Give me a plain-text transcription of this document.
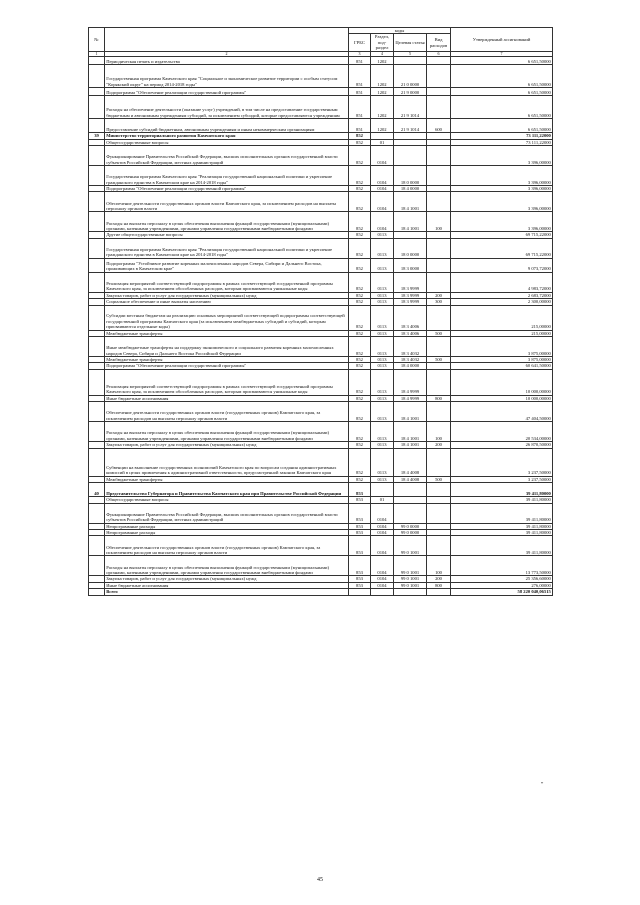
№		коды				Утвержденный ассигнований
		ГРБС	Раздел, под-раздел	Целевая статья	Вид расходов	
1	2	3	4	5	6	7
	Периодическая печать и издательства	851	1202			6 651,50000
	Государственная программа Камчатского края "Социальное и экономическое развитие территории с особым статусом "Корякский округ" на период 2014-2018 годы"	851	1202	21 0 0000		6 651,50000
	Подпрограмма "Обеспечение реализации государственной программы"	851	1202	21 9 0000		6 651,50000
	Расходы на обеспечение деятельности (оказание услуг) учреждений, в том числе на предоставление государственным бюджетным и автономным учреждениям субсидий, за исключением субсидий, которые предоставляются учреждениям	851	1202	21 9 1014		6 651,50000
	Предоставление субсидий бюджетным, автономным учреждениям и иным некоммерческим организациям	851	1202	21 9 1014	600	6 651,50000
39	Министерство территориального развития Камчатского края	852				73 111,22000
	Общегосударственные вопросы	852	01			73 111,22000
	Функционирование Правительства Российской Федерации, высших исполнительных органов государственной власти субъектов Российской Федерации, местных администраций	852	0104			3 396,00000
	Государственная программа Камчатского края "Реализация государственной национальной политики и укрепление гражданского единства в Камчатском крае на 2014-2018 годы"	852	0104	18 0 0000		3 396,00000
	Подпрограмма "Обеспечение реализации государственной программы"	852	0104	18 4 0000		3 396,00000
	Обеспечение деятельности государственных органов власти Камчатского края, за исключением расходов на выплаты персоналу органов власти	852	0104	18 4 1001		3 396,00000
	Расходы на выплаты персоналу в целях обеспечения выполнения функций государственными (муниципальными) органами, казенными учреждениями, органами управления государственными внебюджетными фондами	852	0104	18 4 1001	100	3 396,00000
	Другие общегосударственные вопросы	852	0113			69 715,22000
	Государственная программа Камчатского края "Реализация государственной национальной политики и укрепление гражданского единства в Камчатском крае на 2014-2018 годы"	852	0113	18 0 0000		69 715,22000
	Подпрограмма "Устойчивое развитие коренных малочисленных народов Севера, Сибири и Дальнего Востока, проживающих в Камчатском крае"	852	0113	18 3 0000		9 073,72000
	Реализация мероприятий соответствующей подпрограммы в рамках соответствующей государственной программы Камчатского края, за исключением обособленных расходов, которым присваиваются уникальные коды	852	0113	18 3 9999		4 983,72000
	Закупка товаров, работ и услуг для государственных (муниципальных) нужд	852	0113	18 3 9999	200	2 683,72000
	Социальное обеспечение и иные выплаты населению	852	0113	18 3 9999	300	2 300,00000
	Субсидии местным бюджетам на реализацию основных мероприятий соответствующей подпрограммы соответствующей государственной программы Камчатского края (за исключением межбюджетных субсидий и субсидий, которым присваиваются отдельные коды)	852	0113	18 3 4006		215,00000
	Межбюджетные трансферты	852	0113	18 3 4006	500	215,00000
	Иные межбюджетные трансферты на поддержку экономического и социального развития коренных малочисленных народов Севера, Сибири и Дальнего Востока Российской Федерации	852	0113	18 3 4032		3 875,00000
	Межбюджетные трансферты	852	0113	18 3 4032	500	3 875,00000
	Подпрограмма "Обеспечение реализации государственной программы"	852	0113	18 4 0000		60 641,50000
	Реализация мероприятий соответствующей подпрограммы в рамках соответствующей государственной программы Камчатского края, за исключением обособленных расходов, которым присваиваются уникальные коды	852	0113	18 4 9999		10 000,00000
	Иные бюджетные ассигнования	852	0113	18 4 9999	800	10 000,00000
	Обеспечение деятельности государственных органов власти (государственных органов) Камчатского края, за исключением расходов на выплаты персоналу органов власти	852	0113	18 4 1001		47 404,50000
	Расходы на выплаты персоналу в целях обеспечения выполнения функций государственными (муниципальными) органами, казенными учреждениями, органами управления государственными внебюджетными фондами	852	0113	18 4 1001	100	20 534,00000
	Закупка товаров, работ и услуг для государственных (муниципальных) нужд	852	0113	18 4 1001	200	26 870,50000
	Субвенции на выполнение государственных полномочий Камчатского края по вопросам создания административных комиссий в целях привлечения к административной ответственности, предусмотренной законом Камчатского края	852	0113	18 4 4008		3 237,50000
	Межбюджетные трансферты	852	0113	18 4 4008	500	3 237,50000
40	Представительство Губернатора и Правительства Камчатского края при Правительстве Российской Федерации	853				39 411,80000
	Общегосударственные вопросы	853	01			39 411,80000
	Функционирование Правительства Российской Федерации, высших исполнительных органов государственной власти субъектов Российской Федерации, местных администраций	853	0104			39 411,80000
	Непрограммные расходы	853	0104	99 0 0000		39 411,80000
	Непрограммные расходы	853	0104	99 0 0000		39 411,80000
	Обеспечение деятельности государственных органов власти (государственных органов) Камчатского края, за исключением расходов на выплаты персоналу органов власти	853	0104	99 0 1001		39 411,80000
	Расходы на выплаты персоналу в целях обеспечения выполнения функций государственными (муниципальными) органами, казенными учреждениями, органами управления государственными внебюджетными фондами	853	0104	99 0 1001	100	13 773,50000
	Закупка товаров, работ и услуг для государственных (муниципальных) нужд	853	0104	99 0 1001	200	25 356,60000
	Иные бюджетные ассигнования	853	0104	99 0 1001	800	276,00000
	Всего					58 220 040,06515
"
45
